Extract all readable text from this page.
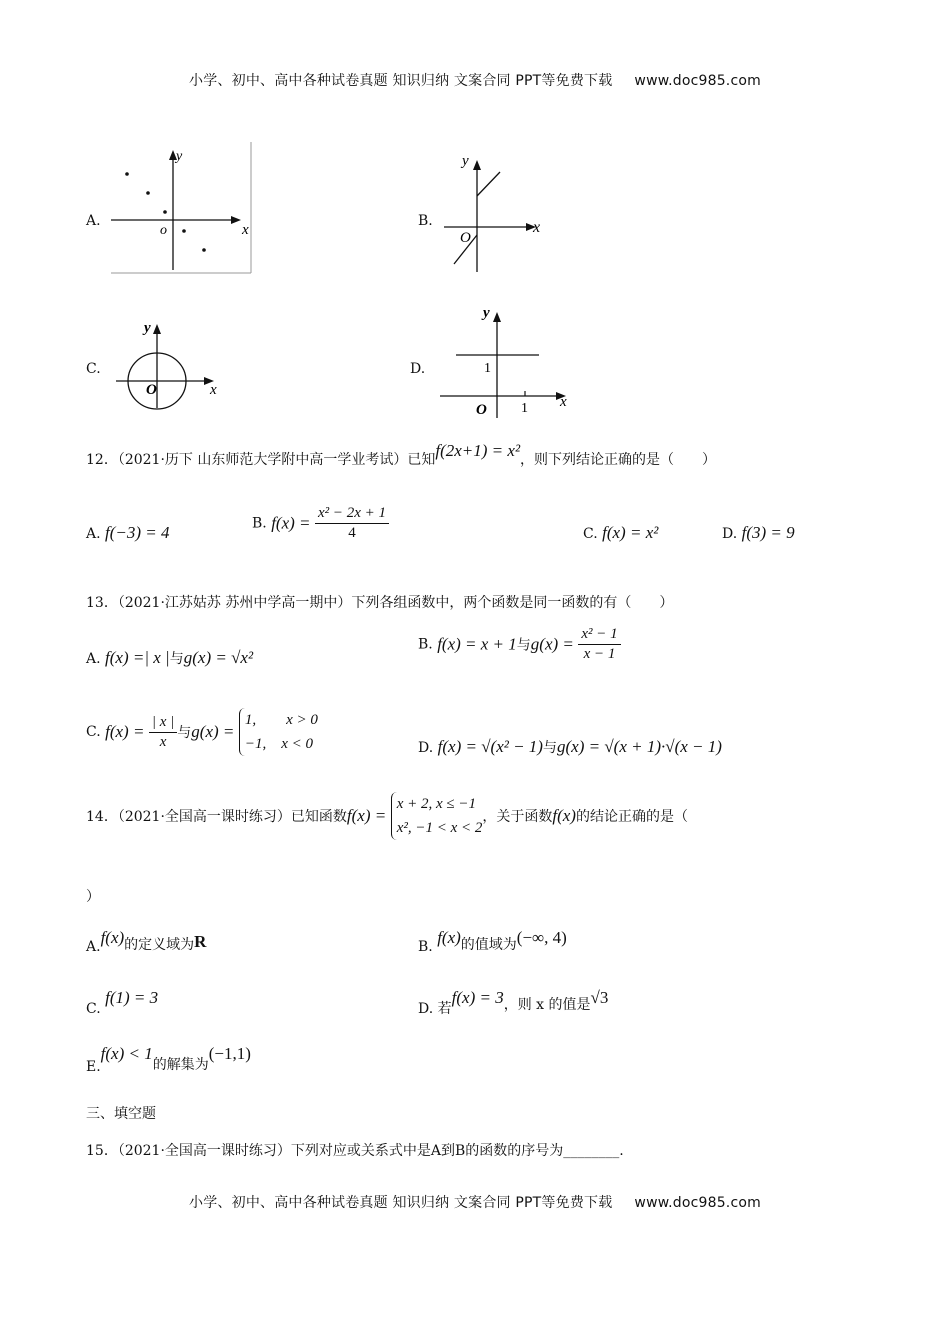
小学、初中、高中各种试卷真题 知识归纳 文案合同 PPT等免费下载 www.doc985.com
A.
x
y
o
B.
y
x
O
C.
y
x
O
D.
y
x
1
1
O
12．（2021·历下 山东师范大学附中高一学业考试）已知f(2x+1) = x²，则下列结论正确的是（　　）
A. f(−3) = 4	B. $f(x) = \frac{\text{x² − 2x + 1}}{4}$	C. f(x) = x²	D. f(3) = 9
13．（2021·江苏姑苏 苏州中学高一期中）下列各组函数中，两个函数是同一函数的有（　　）
A. f(x) =| x |与g(x) = √x²
B. f(x) = x + 1与$g(x) = \frac{\text{x² − 1}}{x - 1}$
C. $f(x) = \frac{| x |}{x}$ 与g(x) =
1,　　x > 0
−1,　x < 0	D. f(x) = √(x² − 1)与g(x) = √(x + 1)·√(x − 1)
14．（2021·全国高一课时练习）已知函数f(x) =
x + 2, x ≤ −1
x², −1 < x < 2
，关于函数f(x)的结论正确的是（
）
A.f(x)的定义域为R	B. f(x)的值域为(−∞, 4)
C. f(1) = 3
D. 若f(x) = 3，则 x 的值是√3
E.f(x) < 1的解集为(−1,1)
三、填空题
15．（2021·全国高一课时练习）下列对应或关系式中是A到B的函数的序号为________.
小学、初中、高中各种试卷真题 知识归纳 文案合同 PPT等免费下载 www.doc985.com
